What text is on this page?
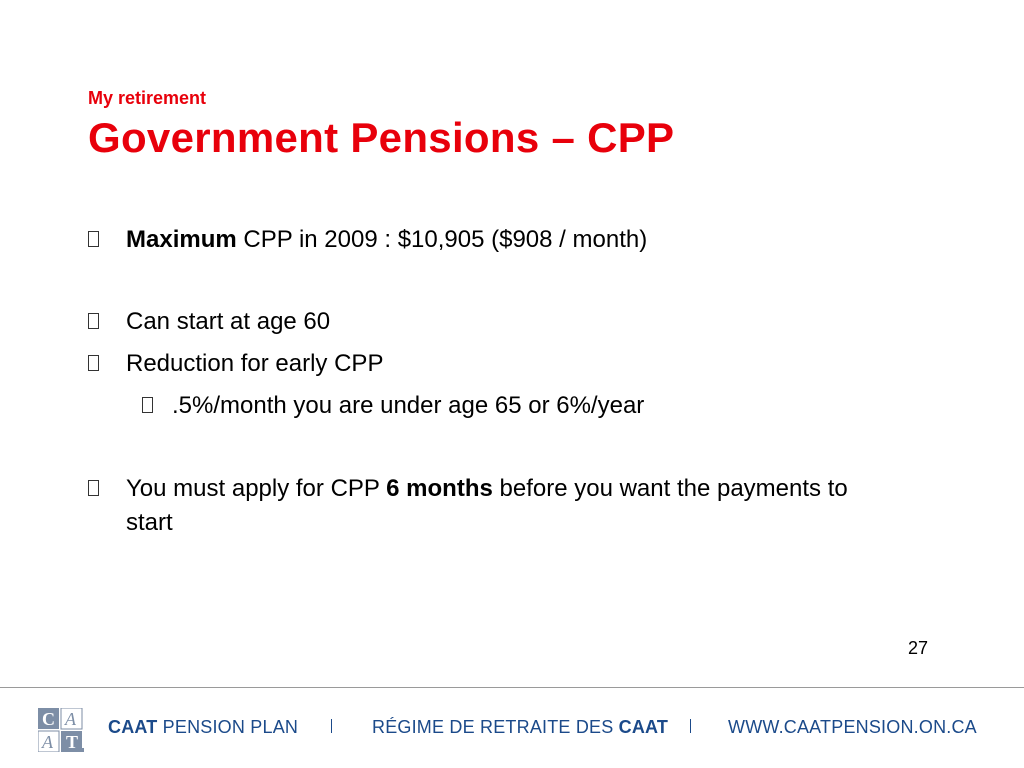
My retirement

Government Pensions – CPP

Maximum CPP in 2009 : $10,905 ($908 / month)

Can start at age 60

Reduction for early CPP

.5%/month you are under age 65 or 6%/year

You must apply for CPP 6 months before you want the payments to start

27
C A
A T
CAAT PENSION PLAN	RÉGIME DE RETRAITE DES CAAT	WWW.CAATPENSION.ON.CA
